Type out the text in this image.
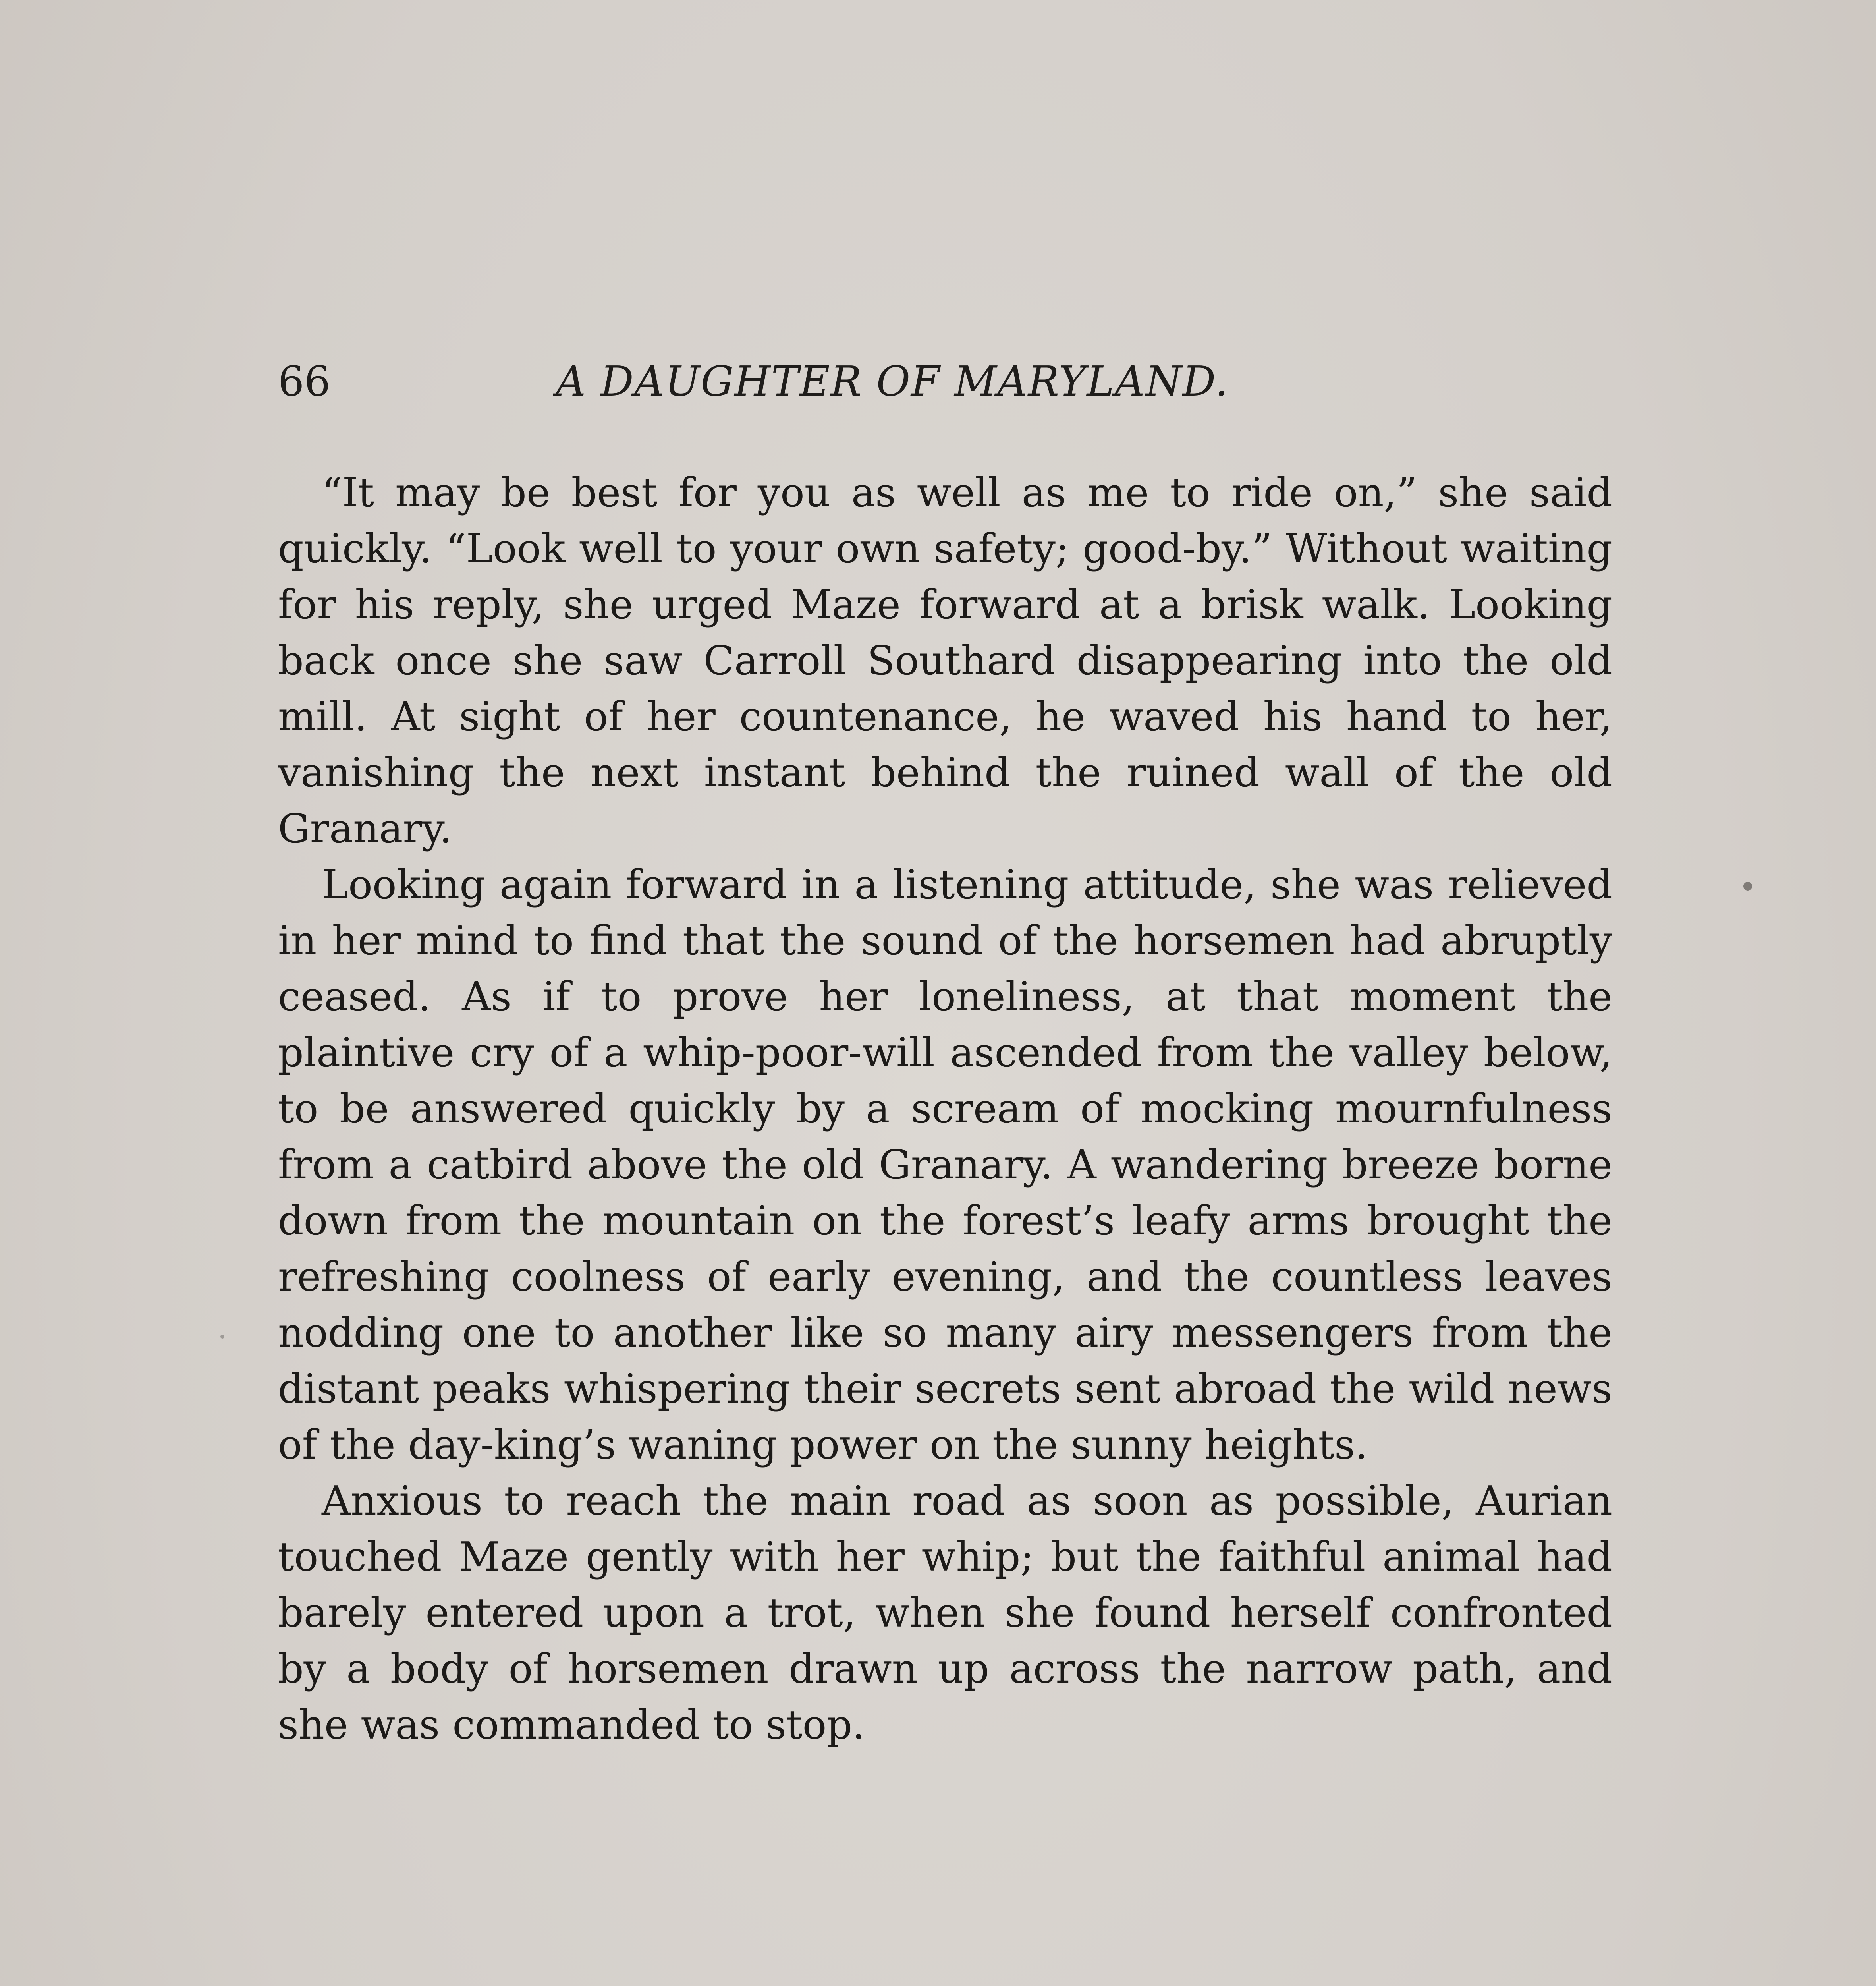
66	A DAUGHTER OF MARYLAND.

“It may be best for you as well as me to ride on,” she said quickly. “Look well to your own safety; good-by.” Without waiting for his reply, she urged Maze forward at a brisk walk. Looking back once she saw Carroll Southard disappearing into the old mill. At sight of her countenance, he waved his hand to her, vanishing the next instant behind the ruined wall of the old Granary.

Looking again forward in a listening attitude, she was relieved in her mind to find that the sound of the horsemen had abruptly ceased. As if to prove her loneliness, at that moment the plaintive cry of a whip-poor-will ascended from the valley below, to be answered quickly by a scream of mocking mournfulness from a catbird above the old Granary. A wandering breeze borne down from the mountain on the forest’s leafy arms brought the refreshing coolness of early evening, and the countless leaves nodding one to another like so many airy messengers from the distant peaks whispering their secrets sent abroad the wild news of the day-king’s waning power on the sunny heights.

Anxious to reach the main road as soon as possible, Aurian touched Maze gently with her whip; but the faithful animal had barely entered upon a trot, when she found herself confronted by a body of horsemen drawn up across the narrow path, and she was commanded to stop.
